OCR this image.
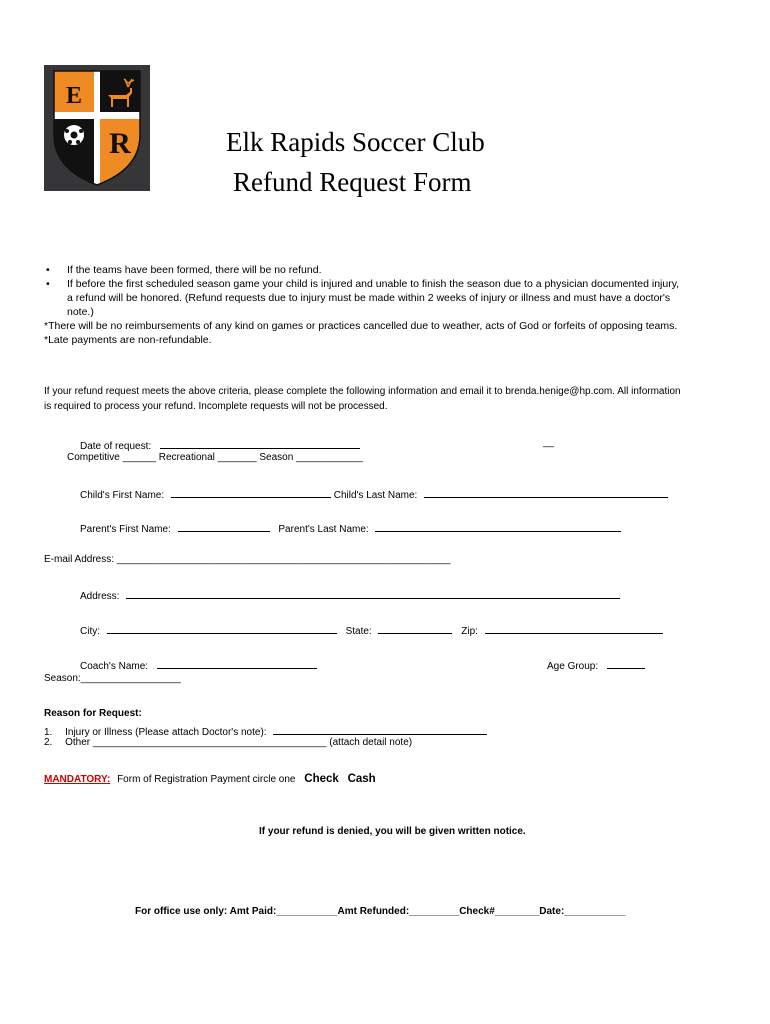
E
R	Elk Rapids Soccer Club
Refund Request Form
• If the teams have been formed, there will be no refund.
• If before the first scheduled season game your child is injured and unable to finish the season due to a physician documented injury,
a refund will be honored. (Refund requests due to injury must be made within 2 weeks of injury or illness and must have a doctor's
note.)
*There will be no reimbursements of any kind on games or practices cancelled due to weather, acts of God or forfeits of opposing teams.
*Late payments are non-refundable.
If your refund request meets the above criteria, please complete the following information and email it to brenda.henige@hp.com. All information
is required to process your refund. Incomplete requests will not be processed.
Date of request:	__
Competitive ______ Recreational _______ Season ____________
Child's First Name:	Child's Last Name:
Parent's First Name:	Parent's Last Name:
E-mail Address: ____________________________________________________________
Address:
City:	State:	Zip:
Coach's Name:	Age Group:
Season:__________________
Reason for Request:
1. Injury or Illness (Please attach Doctor's note):
2. Other __________________________________________ (attach detail note)
MANDATORY: Form of Registration Payment circle one Check Cash
If your refund is denied, you will be given written notice.
For office use only: Amt Paid:___________Amt Refunded:_________Check#________Date:___________
